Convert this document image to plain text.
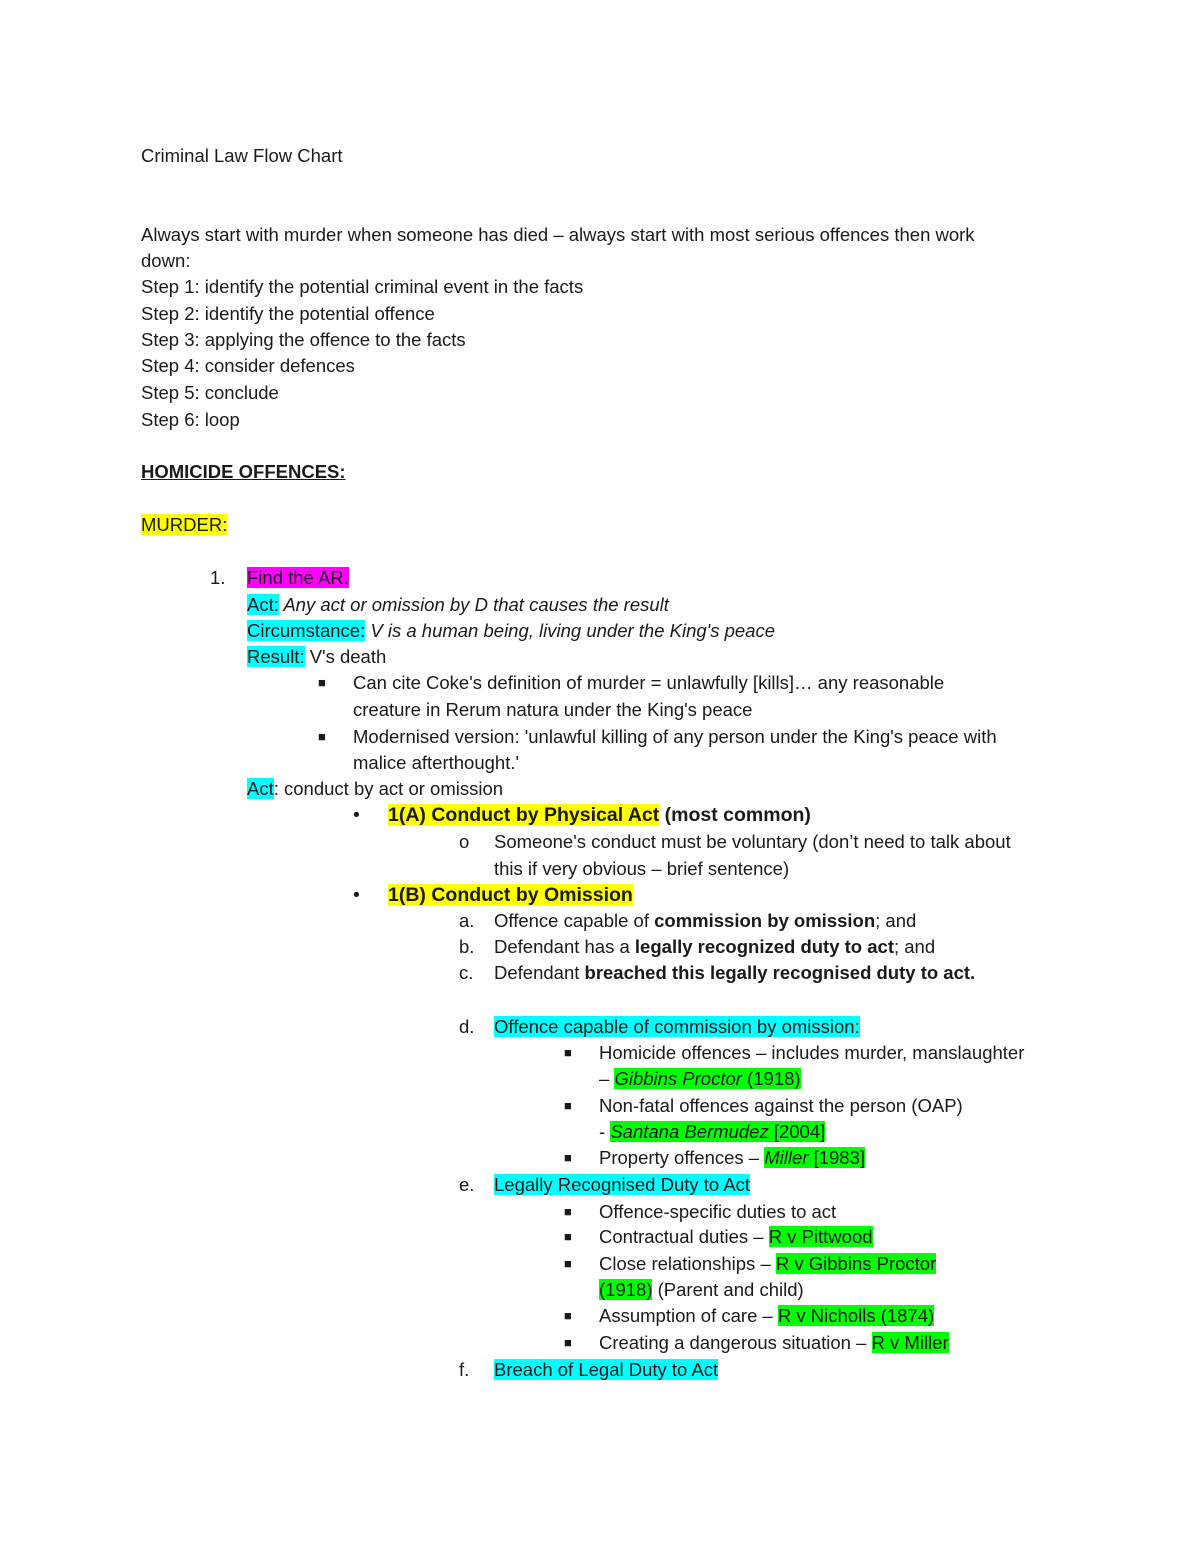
Criminal Law Flow Chart
Always start with murder when someone has died – always start with most serious offences then work
down:
Step 1: identify the potential criminal event in the facts
Step 2: identify the potential offence
Step 3: applying the offence to the facts
Step 4: consider defences
Step 5: conclude
Step 6: loop
HOMICIDE OFFENCES:
MURDER:
1. Find the AR.
Act: Any act or omission by D that causes the result
Circumstance: V is a human being, living under the King's peace
Result: V's death
■ Can cite Coke's definition of murder = unlawfully [kills]… any reasonable
creature in Rerum natura under the King's peace
■ Modernised version: 'unlawful killing of any person under the King's peace with
malice afterthought.'
Act: conduct by act or omission
• 1(A) Conduct by Physical Act (most common)
o Someone's conduct must be voluntary (don’t need to talk about
this if very obvious – brief sentence)
• 1(B) Conduct by Omission
a. Offence capable of commission by omission; and
b. Defendant has a legally recognized duty to act; and
c. Defendant breached this legally recognised duty to act.
d. Offence capable of commission by omission:
■ Homicide offences – includes murder, manslaughter
– Gibbins Proctor (1918)
■ Non-fatal offences against the person (OAP)
- Santana Bermudez [2004]
■ Property offences – Miller [1983]
e. Legally Recognised Duty to Act
■ Offence-specific duties to act
■ Contractual duties – R v Pittwood
■ Close relationships – R v Gibbins Proctor
(1918) (Parent and child)
■ Assumption of care – R v Nicholls (1874)
■ Creating a dangerous situation – R v Miller
f. Breach of Legal Duty to Act
